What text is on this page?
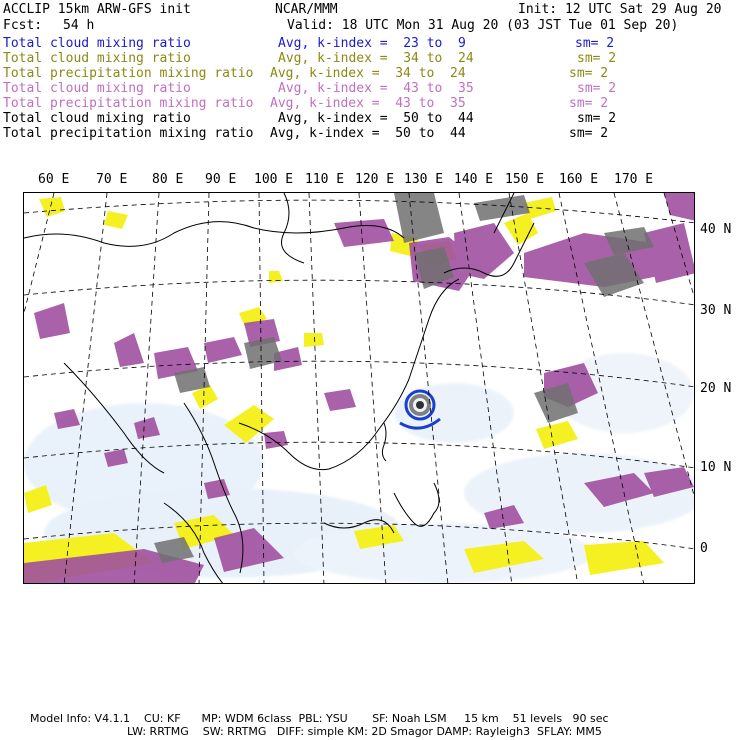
ACCLIP 15km ARW-GFS init	NCAR/MMM	Init: 12 UTC Sat 29 Aug 20
Fcst: 54 h	Valid: 18 UTC Mon 31 Aug 20 (03 JST Tue 01 Sep 20)
Total cloud mixing ratio	Avg, k-index =  23 to  9	sm= 2
Total cloud mixing ratio	Avg, k-index =  34 to  24	sm= 2
Total precipitation mixing ratio Avg, k-index =  34 to  24	sm= 2
Total cloud mixing ratio	Avg, k-index =  43 to  35	sm= 2
Total precipitation mixing ratio Avg, k-index =  43 to  35	sm= 2
Total cloud mixing ratio	Avg, k-index =  50 to  44	sm= 2
Total precipitation mixing ratio Avg, k-index =  50 to  44	sm= 2
60 E 70 E 80 E 90 E 100 E 110 E 120 E 130 E 140 E 150 E 160 E 170 E
40 N
30 N
20 N
10 N
0
Model Info: V4.1.1    CU: KF      MP: WDM 6class  PBL: YSU       SF: Noah LSM     15 km    51 levels   90 sec
LW: RRTMG    SW: RRTMG   DIFF: simple KM: 2D Smagor DAMP: Rayleigh3  SFLAY: MM5
